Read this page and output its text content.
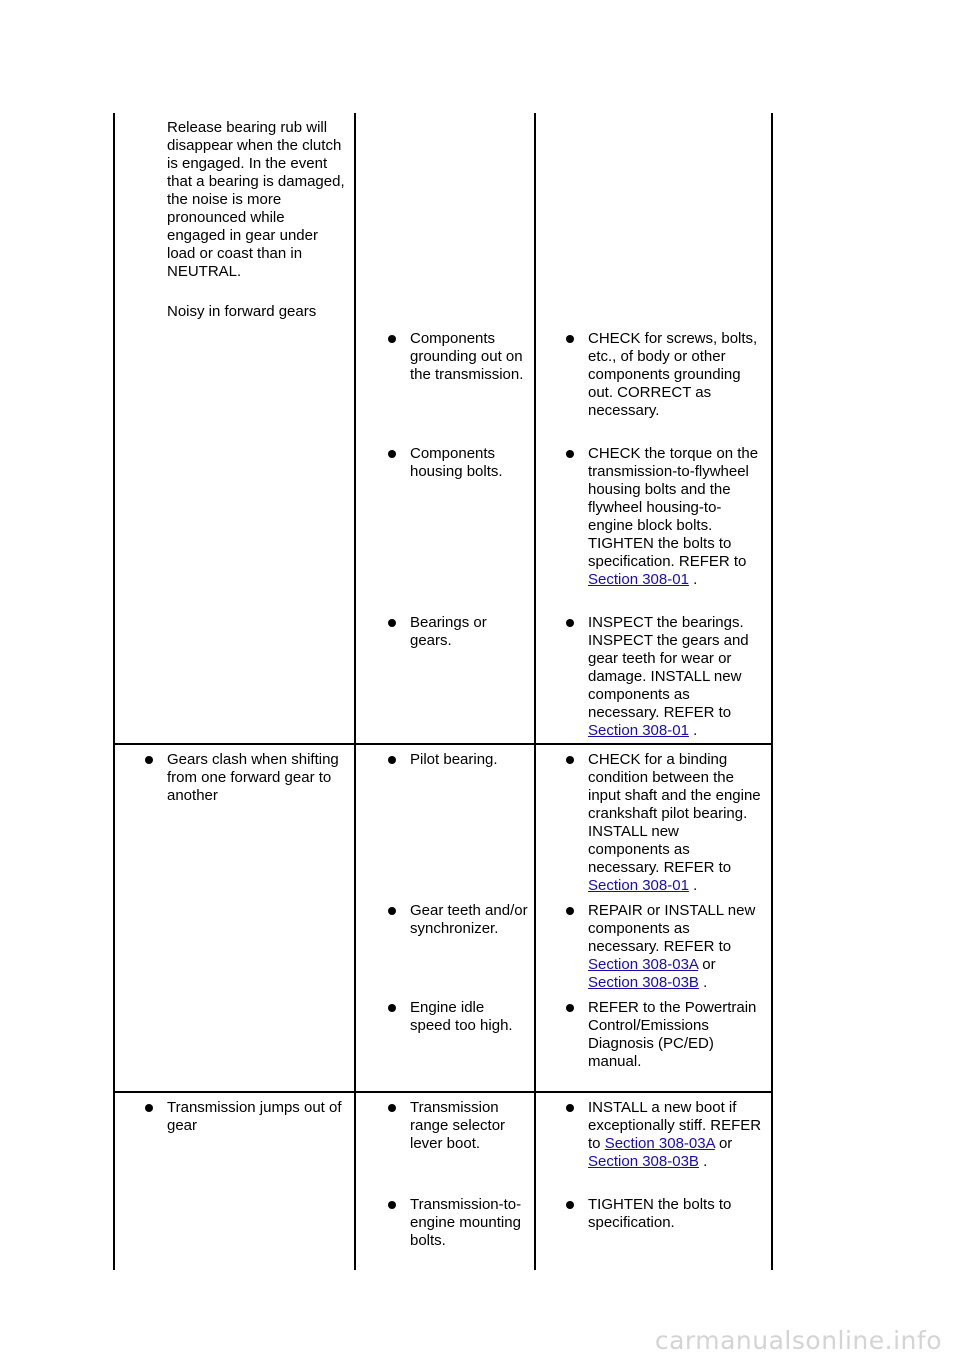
Release bearing rub will disappear when the clutch is engaged. In the event that a bearing is damaged, the noise is more pronounced while engaged in gear under load or coast than in NEUTRAL.

Noisy in forward gears

Components grounding out on the transmission.
CHECK for screws, bolts, etc., of body or other components grounding out. CORRECT as necessary.
Components housing bolts.
CHECK the torque on the transmission-to-flywheel housing bolts and the flywheel housing-to-engine block bolts. TIGHTEN the bolts to specification. REFER to Section 308-01 .
Bearings or gears.
INSPECT the bearings. INSPECT the gears and gear teeth for wear or damage. INSTALL new components as necessary. REFER to Section 308-01 .
Gears clash when shifting from one forward gear to another
Pilot bearing.	CHECK for a binding condition between the input shaft and the engine crankshaft pilot bearing. INSTALL new components as necessary. REFER to Section 308-01 .
Gear teeth and/or synchronizer.
REPAIR or INSTALL new components as necessary. REFER to Section 308-03A or Section 308-03B .
Engine idle speed too high.
REFER to the Powertrain Control/Emissions Diagnosis (PC/ED) manual.
Transmission jumps out of gear
Transmission range selector lever boot.
INSTALL a new boot if exceptionally stiff. REFER to Section 308-03A or Section 308-03B .
Transmission-to-engine mounting bolts.
TIGHTEN the bolts to specification.
carmanualsonline.info
